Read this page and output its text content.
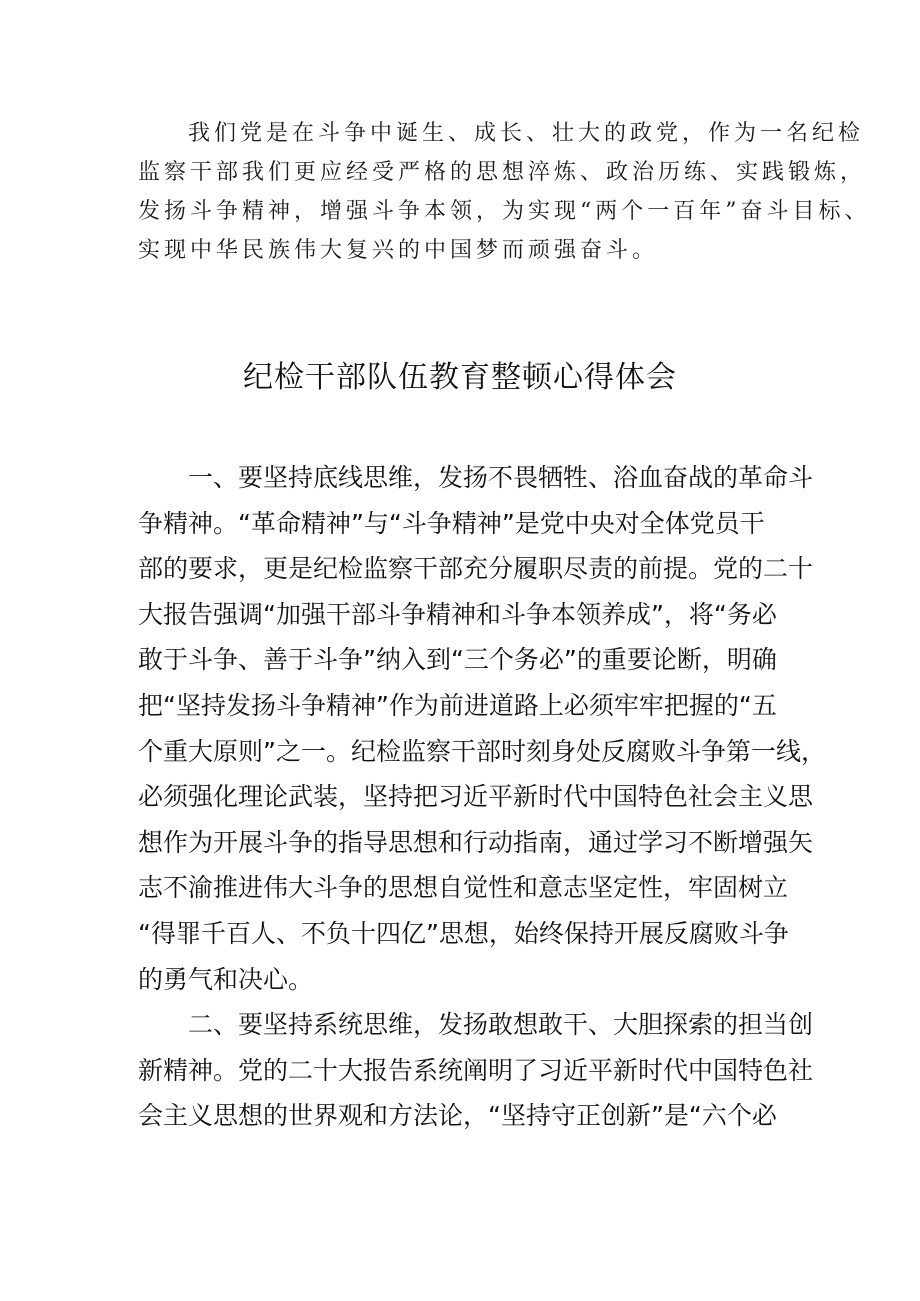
我们党是在斗争中诞生、成长、壮大的政党，作为一名纪检

监察干部我们更应经受严格的思想淬炼、政治历练、实践锻炼，

发扬斗争精神，增强斗争本领，为实现“两个一百年”奋斗目标、

实现中华民族伟大复兴的中国梦而顽强奋斗。

纪检干部队伍教育整顿心得体会

一、要坚持底线思维，发扬不畏牺牲、浴血奋战的革命斗

争精神。“革命精神”与“斗争精神”是党中央对全体党员干

部的要求，更是纪检监察干部充分履职尽责的前提。党的二十

大报告强调“加强干部斗争精神和斗争本领养成”，将“务必

敢于斗争、善于斗争”纳入到“三个务必”的重要论断，明确

把“坚持发扬斗争精神”作为前进道路上必须牢牢把握的“五

个重大原则”之一。纪检监察干部时刻身处反腐败斗争第一线，

必须强化理论武装，坚持把习近平新时代中国特色社会主义思

想作为开展斗争的指导思想和行动指南，通过学习不断增强矢

志不渝推进伟大斗争的思想自觉性和意志坚定性，牢固树立

“得罪千百人、不负十四亿”思想，始终保持开展反腐败斗争

的勇气和决心。

二、要坚持系统思维，发扬敢想敢干、大胆探索的担当创

新精神。党的二十大报告系统阐明了习近平新时代中国特色社

会主义思想的世界观和方法论，“坚持守正创新”是“六个必
